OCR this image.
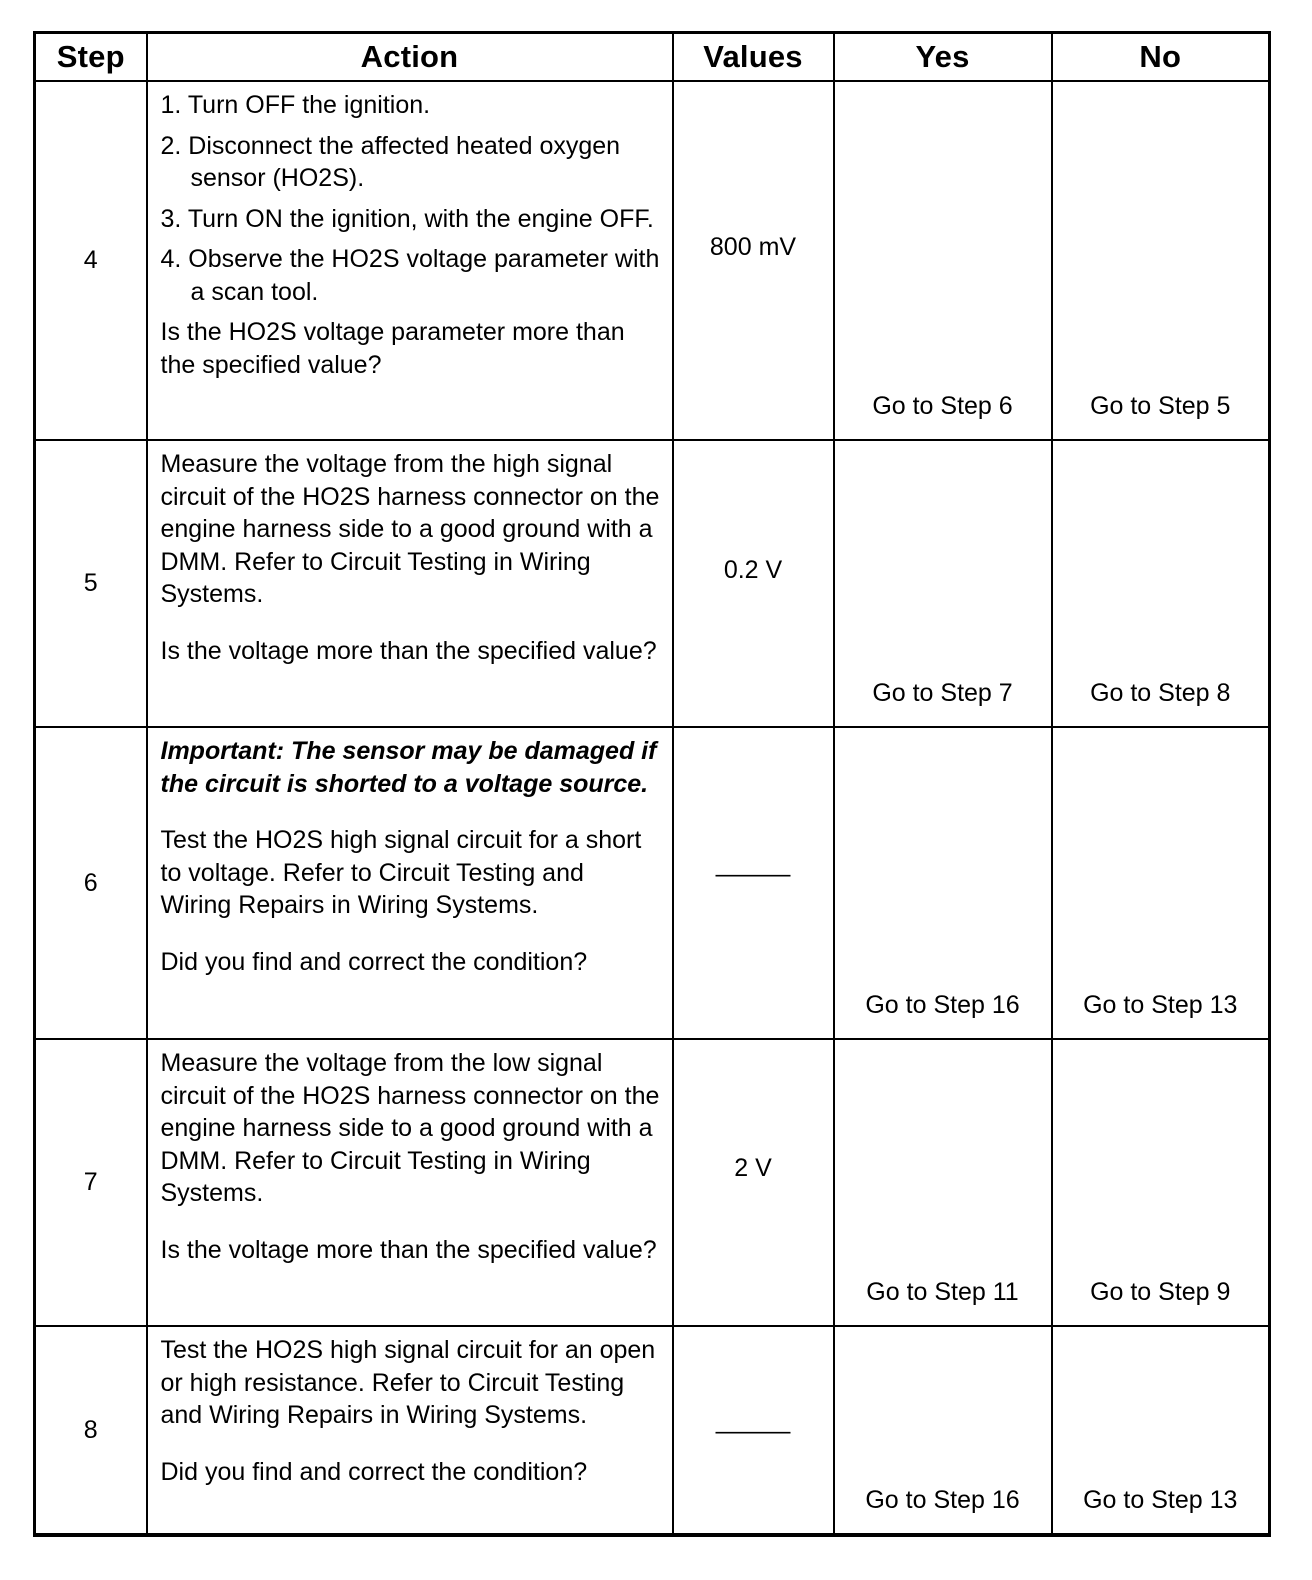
Step	Action	Values	Yes	No
4	1. Turn OFF the ignition.
2. Disconnect the affected heated oxygen sensor (HO2S).
3. Turn ON the ignition, with the engine OFF.
4. Observe the HO2S voltage parameter with a scan tool.

Is the HO2S voltage parameter more than the specified value?	800 mV	Go to Step 6	Go to Step 5
5	Measure the voltage from the high signal circuit of the HO2S harness connector on the engine harness side to a good ground with a DMM. Refer to Circuit Testing in Wiring Systems.

Is the voltage more than the specified value?	0.2 V	Go to Step 7	Go to Step 8
6	Important: The sensor may be damaged if the circuit is shorted to a voltage source.

Test the HO2S high signal circuit for a short to voltage. Refer to Circuit Testing and Wiring Repairs in Wiring Systems.

Did you find and correct the condition?	———	Go to Step 16	Go to Step 13
7	Measure the voltage from the low signal circuit of the HO2S harness connector on the engine harness side to a good ground with a DMM. Refer to Circuit Testing in Wiring Systems.

Is the voltage more than the specified value?	2 V	Go to Step 11	Go to Step 9
8	Test the HO2S high signal circuit for an open or high resistance. Refer to Circuit Testing and Wiring Repairs in Wiring Systems.

Did you find and correct the condition?	———	Go to Step 16	Go to Step 13
